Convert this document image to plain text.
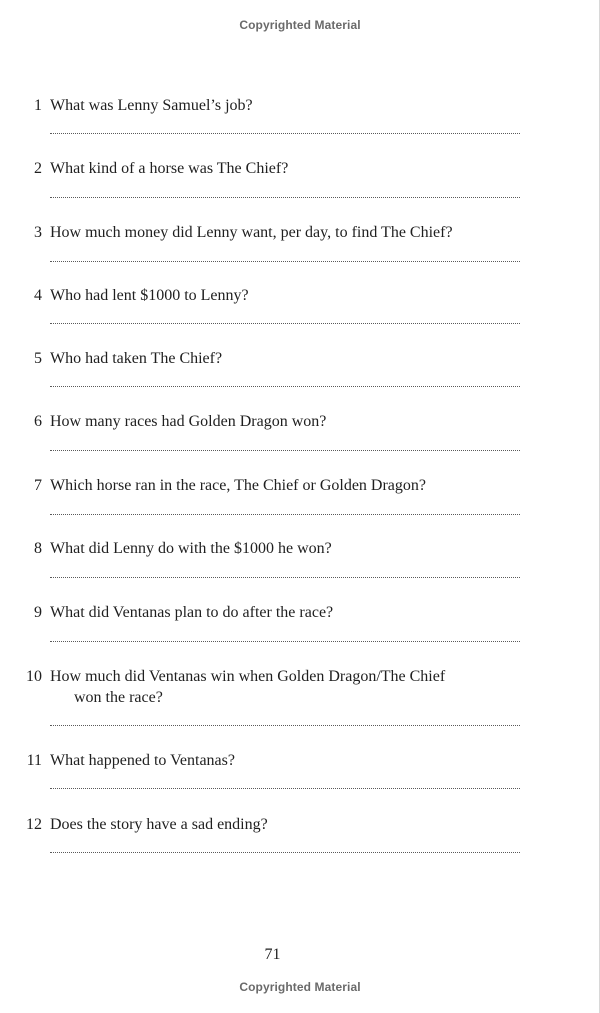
Copyrighted Material
1 What was Lenny Samuel’s job?
2 What kind of a horse was The Chief?
3 How much money did Lenny want, per day, to find The Chief?
4 Who had lent $1000 to Lenny?
5 Who had taken The Chief?
6 How many races had Golden Dragon won?
7 Which horse ran in the race, The Chief or Golden Dragon?
8 What did Lenny do with the $1000 he won?
9 What did Ventanas plan to do after the race?
10 How much did Ventanas win when Golden Dragon/The Chief
won the race?
11 What happened to Ventanas?
12 Does the story have a sad ending?
71
Copyrighted Material
